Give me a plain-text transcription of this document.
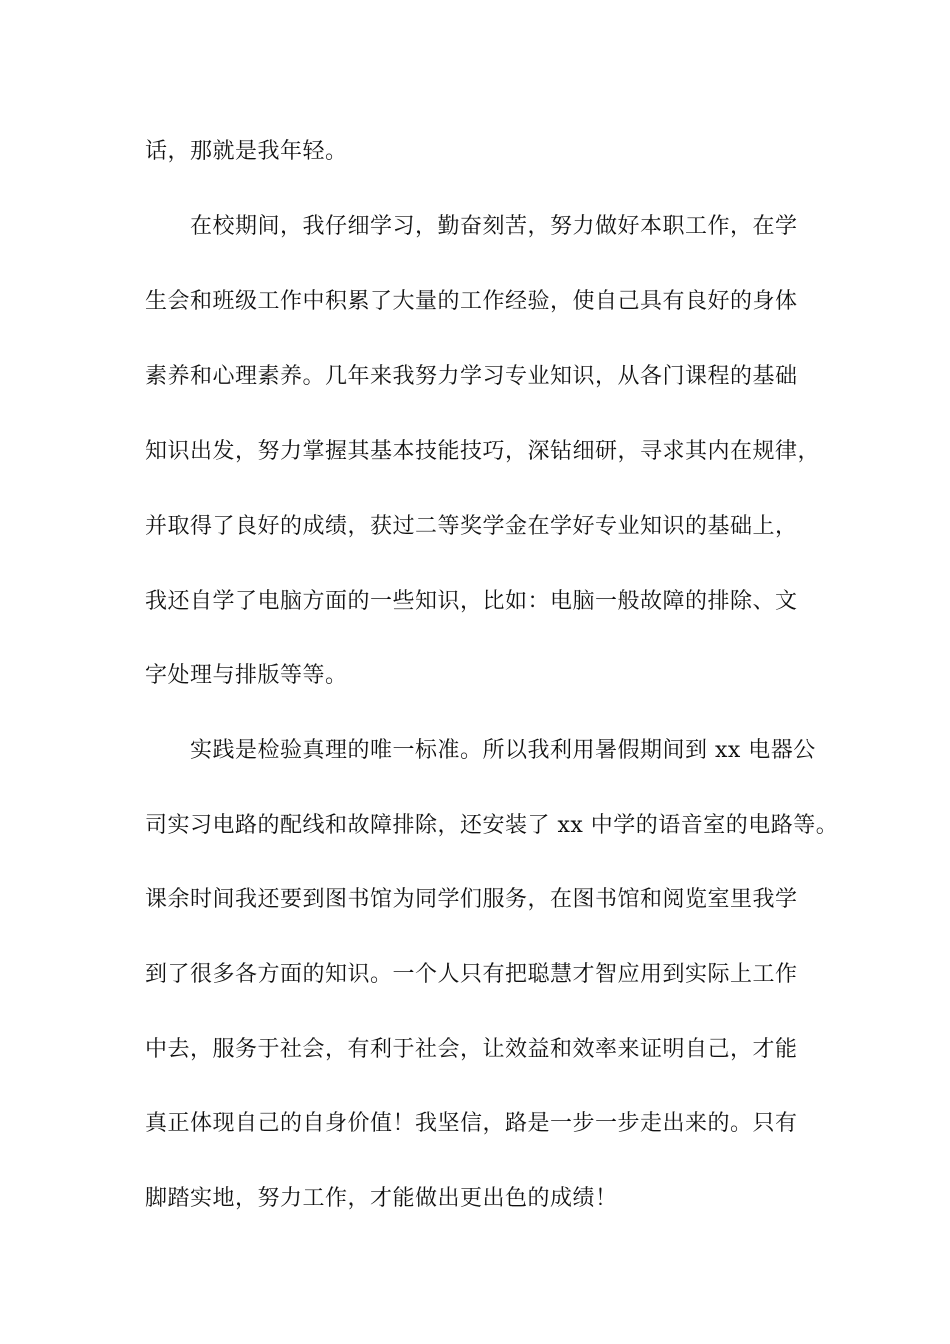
话，那就是我年轻。
在校期间，我仔细学习，勤奋刻苦，努力做好本职工作，在学
生会和班级工作中积累了大量的工作经验，使自己具有良好的身体
素养和心理素养。几年来我努力学习专业知识，从各门课程的基础
知识出发，努力掌握其基本技能技巧，深钻细研，寻求其内在规律，
并取得了良好的成绩，获过二等奖学金在学好专业知识的基础上，
我还自学了电脑方面的一些知识，比如：电脑一般故障的排除、文
字处理与排版等等。
实践是检验真理的唯一标准。所以我利用暑假期间到 xx 电器公
司实习电路的配线和故障排除，还安装了 xx 中学的语音室的电路等。
课余时间我还要到图书馆为同学们服务，在图书馆和阅览室里我学
到了很多各方面的知识。一个人只有把聪慧才智应用到实际上工作
中去，服务于社会，有利于社会，让效益和效率来证明自己，才能
真正体现自己的自身价值！我坚信，路是一步一步走出来的。只有
脚踏实地，努力工作，才能做出更出色的成绩！
